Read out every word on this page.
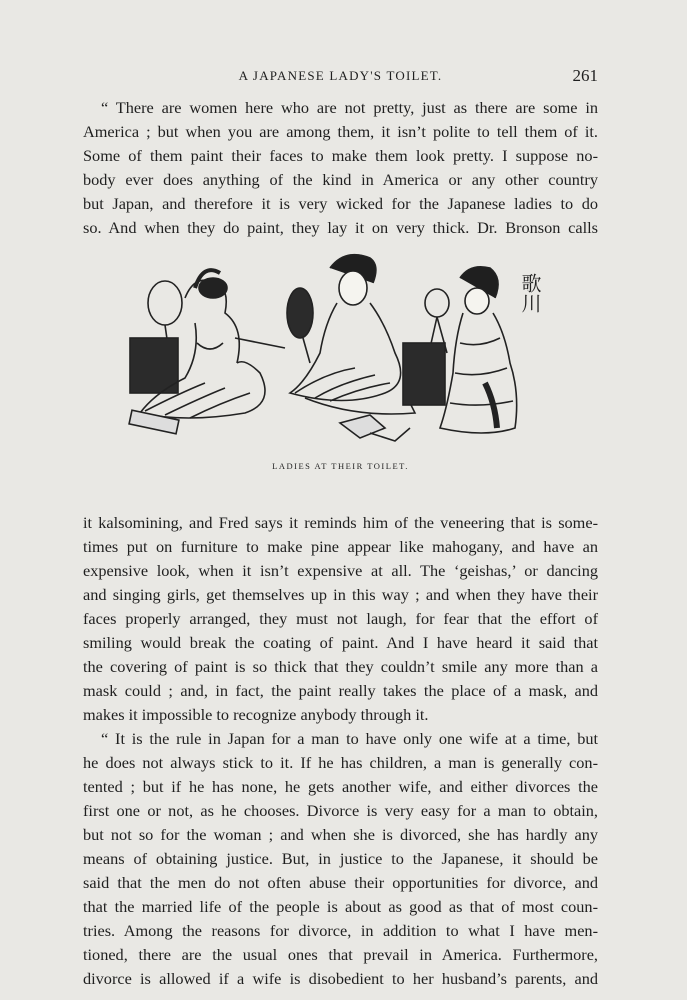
A JAPANESE LADY'S TOILET.	261
“ There are women here who are not pretty, just as there are some in
America ; but when you are among them, it isn’t polite to tell them of it.
Some of them paint their faces to make them look pretty. I suppose no-
body ever does anything of the kind in America or any other country
but Japan, and therefore it is very wicked for the Japanese ladies to do
so. And when they do paint, they lay it on very thick. Dr. Bronson calls
歌川
LADIES AT THEIR TOILET.
it kalsomining, and Fred says it reminds him of the veneering that is some-
times put on furniture to make pine appear like mahogany, and have an
expensive look, when it isn’t expensive at all. The ‘geishas,’ or dancing
and singing girls, get themselves up in this way ; and when they have their
faces properly arranged, they must not laugh, for fear that the effort of
smiling would break the coating of paint. And I have heard it said that
the covering of paint is so thick that they couldn’t smile any more than a
mask could ; and, in fact, the paint really takes the place of a mask, and
makes it impossible to recognize anybody through it.
“ It is the rule in Japan for a man to have only one wife at a time, but
he does not always stick to it. If he has children, a man is generally con-
tented ; but if he has none, he gets another wife, and either divorces the
first one or not, as he chooses. Divorce is very easy for a man to obtain,
but not so for the woman ; and when she is divorced, she has hardly any
means of obtaining justice. But, in justice to the Japanese, it should be
said that the men do not often abuse their opportunities for divorce, and
that the married life of the people is about as good as that of most coun-
tries. Among the reasons for divorce, in addition to what I have men-
tioned, there are the usual ones that prevail in America. Furthermore,
divorce is allowed if a wife is disobedient to her husband’s parents, and
